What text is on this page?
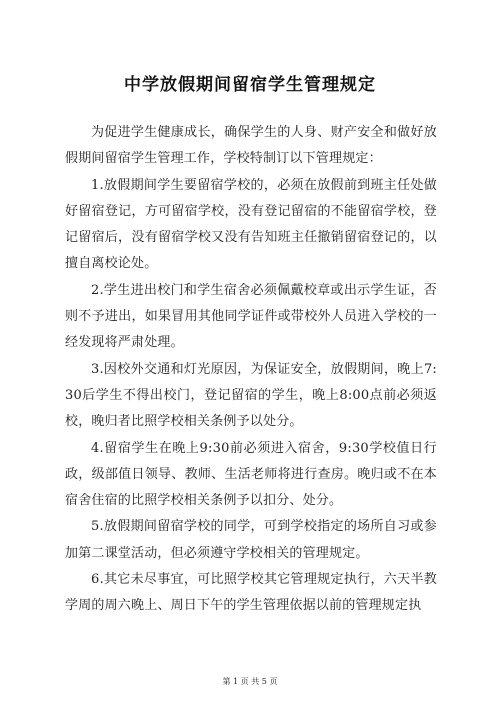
中学放假期间留宿学生管理规定

为促进学生健康成长，确保学生的人身、财产安全和做好放假期间留宿学生管理工作，学校特制订以下管理规定：

1.放假期间学生要留宿学校的，必须在放假前到班主任处做好留宿登记，方可留宿学校，没有登记留宿的不能留宿学校，登记留宿后，没有留宿学校又没有告知班主任撤销留宿登记的，以擅自离校论处。

2.学生进出校门和学生宿舍必须佩戴校章或出示学生证，否则不予进出，如果冒用其他同学证件或带校外人员进入学校的一经发现将严肃处理。

3.因校外交通和灯光原因，为保证安全，放假期间，晚上7:30后学生不得出校门，登记留宿的学生，晚上8:00点前必须返校，晚归者比照学校相关条例予以处分。

4.留宿学生在晚上9:30前必须进入宿舍，9:30学校值日行政，级部值日领导、教师、生活老师将进行查房。晚归或不在本宿舍住宿的比照学校相关条例予以扣分、处分。

5.放假期间留宿学校的同学，可到学校指定的场所自习或参加第二课堂活动，但必须遵守学校相关的管理规定。

6.其它未尽事宜，可比照学校其它管理规定执行，六天半教学周的周六晚上、周日下午的学生管理依据以前的管理规定执

第 1 页 共 5 页
